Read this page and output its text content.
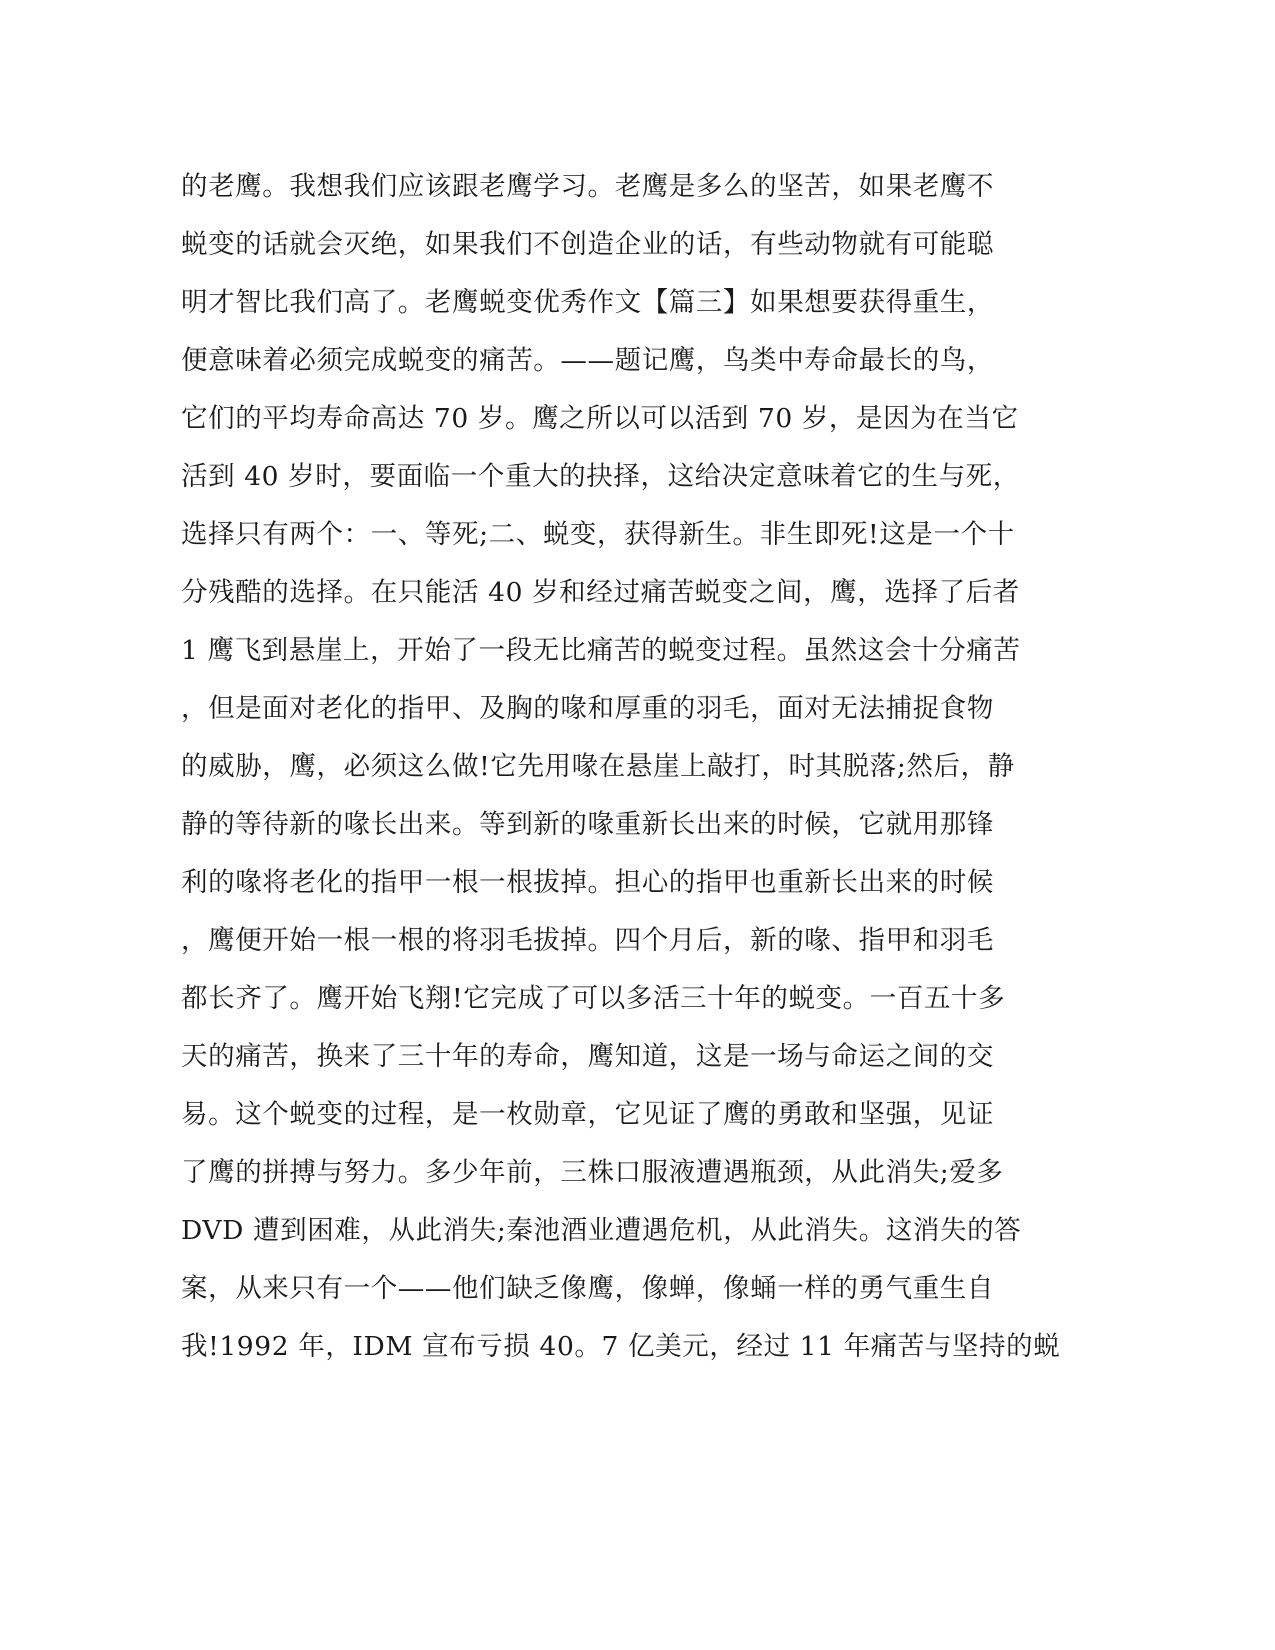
的老鹰。我想我们应该跟老鹰学习。老鹰是多么的坚苦，如果老鹰不
蜕变的话就会灭绝，如果我们不创造企业的话，有些动物就有可能聪
明才智比我们高了。老鹰蜕变优秀作文【篇三】如果想要获得重生，
便意味着必须完成蜕变的痛苦。——题记鹰，鸟类中寿命最长的鸟，
它们的平均寿命高达 70 岁。鹰之所以可以活到 70 岁，是因为在当它
活到 40 岁时，要面临一个重大的抉择，这给决定意味着它的生与死，
选择只有两个：一、等死;二、蜕变，获得新生。非生即死!这是一个十
分残酷的选择。在只能活 40 岁和经过痛苦蜕变之间，鹰，选择了后者
1 鹰飞到悬崖上，开始了一段无比痛苦的蜕变过程。虽然这会十分痛苦
，但是面对老化的指甲、及胸的喙和厚重的羽毛，面对无法捕捉食物
的威胁，鹰，必须这么做!它先用喙在悬崖上敲打，时其脱落;然后，静
静的等待新的喙长出来。等到新的喙重新长出来的时候，它就用那锋
利的喙将老化的指甲一根一根拔掉。担心的指甲也重新长出来的时候
，鹰便开始一根一根的将羽毛拔掉。四个月后，新的喙、指甲和羽毛
都长齐了。鹰开始飞翔!它完成了可以多活三十年的蜕变。一百五十多
天的痛苦，换来了三十年的寿命，鹰知道，这是一场与命运之间的交
易。这个蜕变的过程，是一枚勋章，它见证了鹰的勇敢和坚强，见证
了鹰的拼搏与努力。多少年前，三株口服液遭遇瓶颈，从此消失;爱多
DVD 遭到困难，从此消失;秦池酒业遭遇危机，从此消失。这消失的答
案，从来只有一个——他们缺乏像鹰，像蝉，像蛹一样的勇气重生自
我!1992 年，IDM 宣布亏损 40。7 亿美元，经过 11 年痛苦与坚持的蜕
